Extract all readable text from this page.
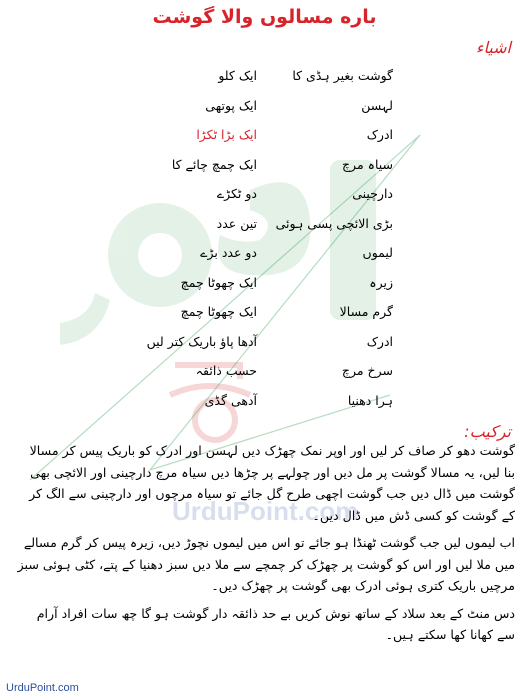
UrduPoint.com
باره مسالوں والا گوشت
اشیاء
گوشت بغیر ہڈی کا
ایک کلو
لہسن
ایک پوتھی
ادرک
ایک بڑا ٹکڑا
سیاہ مرچ
ایک چمچ چائے کا
دارچینی
دو ٹکڑے
بڑی الائچی پسی ہوئی
تین عدد
لیموں
دو عدد بڑے
زیرہ
ایک چھوٹا چمچ
گرم مسالا
ایک چھوٹا چمچ
ادرک
آدھا پاؤ باریک کتر لیں
سرخ مرچ
حسب ذائقہ
ہرا دھنیا
آدھی گڈی
ترکیب:

گوشت دھو کر صاف کر لیں اور اوپر نمک چھڑک دیں لہسن اور ادرک کو باریک پیس کر مسالا بنا لیں، یہ مسالا گوشت پر مل دیں اور چولہے پر چڑھا دیں سیاہ مرچ دارچینی اور الائچی بھی گوشت میں ڈال دیں جب گوشت اچھی طرح گل جائے تو سیاہ مرچوں اور دارچینی سے الگ کر کے گوشت کو کسی ڈش میں ڈال دیں۔

اب لیموں لیں جب گوشت ٹھنڈا ہو جائے تو اس میں لیموں نچوڑ دیں، زیرہ پیس کر گرم مسالے میں ملا لیں اور اس کو گوشت پر چھڑک کر چمچے سے ملا دیں سبز دھنیا کے پتے، کٹی ہوئی سبز مرچیں باریک کتری ہوئی ادرک بھی گوشت پر چھڑک دیں۔

دس منٹ کے بعد سلاد کے ساتھ نوش کریں بے حد ذائقہ دار گوشت ہو گا چھ سات افراد آرام سے کھانا کھا سکتے ہیں۔

UrduPoint.com
